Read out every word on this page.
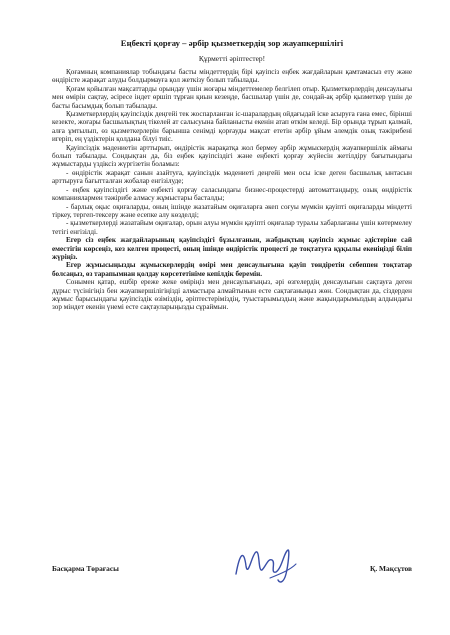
Еңбекті қорғау – әрбір қызметкердің зор жауапкершілігі
Құрметті әріптестер!

Қоғамның компаниялар тобындағы басты міндеттердің бірі қауіпсіз еңбек жағдайларын қамтамасыз ету және өндірісте жарақат алуды болдырмауға қол жеткізу болып табылады.

Қоғам қойылған мақсаттарды орындау үшін жоғары міндеттемелер белгілеп отыр. Қызметкерлердің денсаулығы мен өмірін сақтау, әсіресе індет өршіп тұрған қиын кезеңде, басшылар үшін де, сондай-ақ әрбір қызметкер үшін де басты басымдық болып табылады.

Қызметкерлердің қауіпсіздік деңгейі тек жоспарланған іс-шаралардың ойдағыдай іске асыруға ғана емес, бірінші кезекте, жоғары басшылықтың тікелей ат салысуына байланысты екенін атап өткім келеді. Бір орында тұрып қалмай, алға ұмтылып, өз қызметкерлерін барынша сенімді қорғауды мақсат ететін әрбір ұйым әлемдік озық тәжірибені игеріп, ең үздіктерін қолдана білуі тиіс.

Қауіпсіздік мәдениетін арттырып, өндірістік жарақатқа жол бермеу әрбір жұмыскердің жауапкершілік аймағы болып табылады. Сондықтан да, біз еңбек қауіпсіздігі және еңбекті қорғау жүйесін жетілдіру бағытындағы жұмыстарды үздіксіз жүргізетін боламыз:

- өндірістік жарақат санын азайтуға, қауіпсіздік мәдениеті деңгейі мен осы іске деген басшылық ынтасын арттыруға бағытталған жобалар енгізілуде;

- еңбек қауіпсіздігі және еңбекті қорғау саласындағы бизнес-процестерді автоматтандыру, озық өндірістік компаниялармен тәжірибе алмасу жұмыстары басталды;

- барлық оқыс оқиғаларды, оның ішінде жазатайым оқиғаларға әкеп соғуы мүмкін қауіпті оқиғаларды міндетті тіркеу, тергеп-тексеру және есепке алу көзделді;

- қызметкерлерді жазатайым оқиғалар, орын алуы мүмкін қауіпті оқиғалар туралы хабарлағаны үшін көтермелеу тетігі енгізілді.

Егер сіз еңбек жағдайларының қауіпсіздігі бұзылғанын, жабдықтың қауіпсіз жұмыс әдістеріне сай еместігін көрсеңіз, кез келген процесті, оның ішінде өндірістік процесті де тоқтатуға құқылы екеніңізді біліп жүріңіз.

Егер жұмысыңызды жұмыскерлердің өмірі мен денсаулығына қауіп төндіретін себеппен тоқтатар болсаңыз, өз тарапымнан қолдау көрсететініме кепілдік беремін.

Сонымен қатар, ешбір ереже жеке өміріңіз мен денсаулығыңыз, әрі өзгелердің денсаулығын сақтауға деген дұрыс түсінігіңіз бен жауапкершілігіңізді алмастыра алмайтынын есте сақтағаныңыз жөн. Сондықтан да, сіздерден жұмыс барысындағы қауіпсіздік өзіміздің, әріптестеріміздің, туыстарымыздың және жақындарымыздың алдындағы зор міндет екенін үнемі есте сақтауларыңызды сұраймын.

Басқарма Төрағасы	Қ. Мақсұтов
